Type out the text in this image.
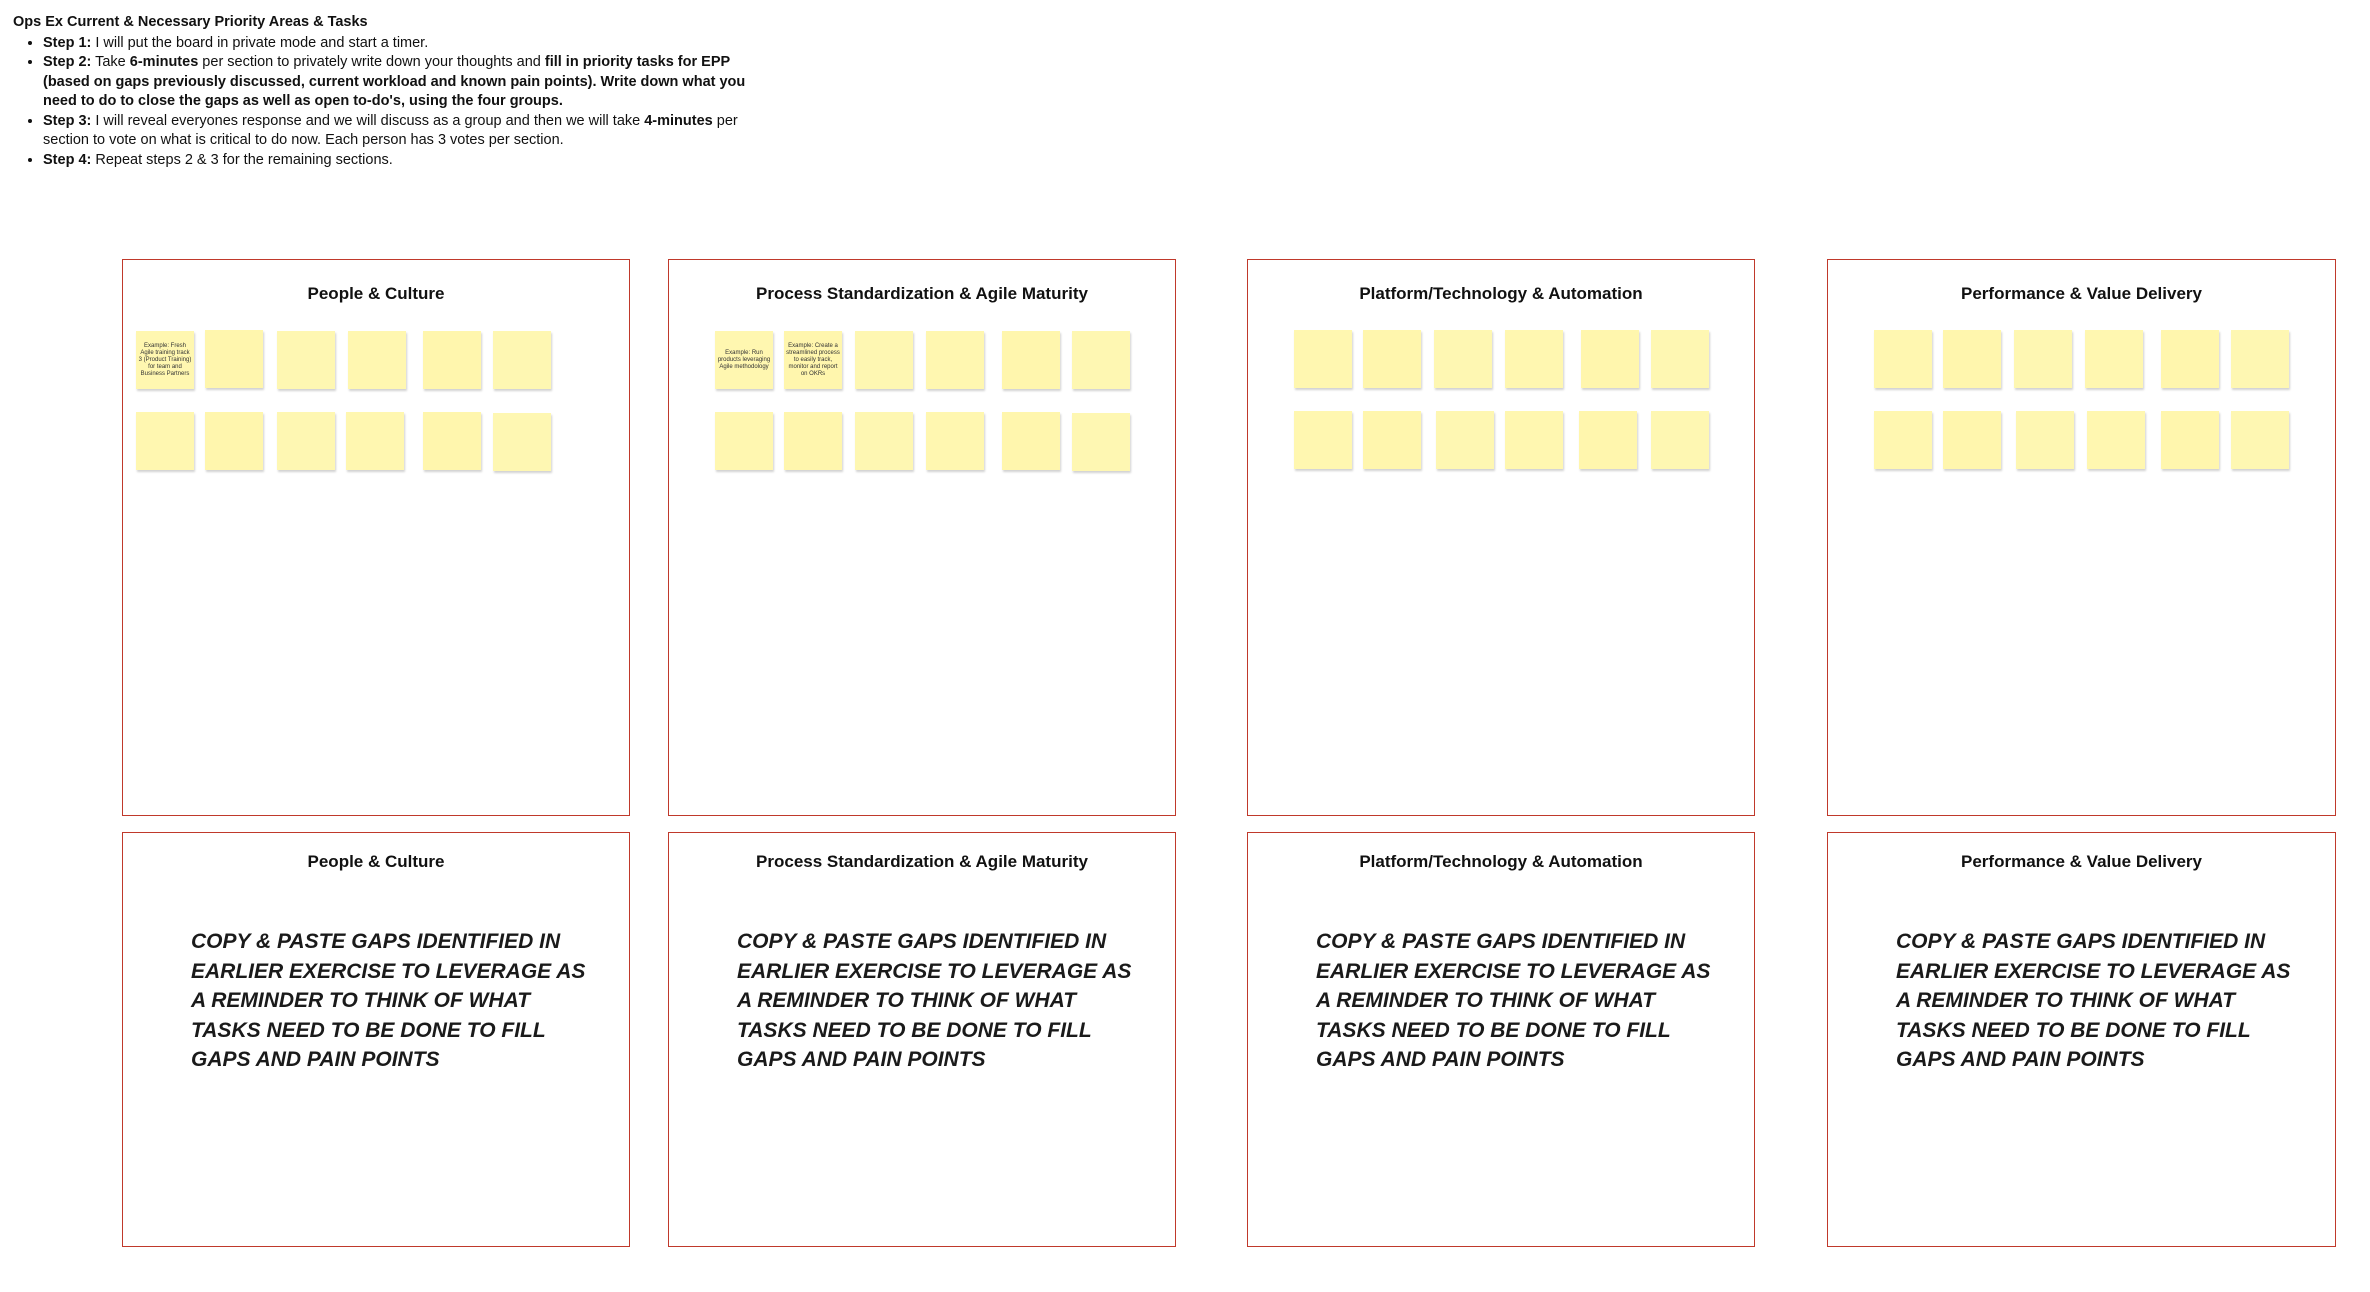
Ops Ex Current & Necessary Priority Areas & Tasks
• Step 1: I will put the board in private mode and start a timer.
• Step 2: Take 6-minutes per section to privately write down your thoughts and fill in priority tasks for EPP (based on gaps previously discussed, current workload and known pain points). Write down what you need to do to close the gaps as well as open to-do's, using the four groups.
• Step 3: I will reveal everyones response and we will discuss as a group and then we will take 4-minutes per section to vote on what is critical to do now. Each person has 3 votes per section.
• Step 4: Repeat steps 2 & 3 for the remaining sections.
People & Culture
Example: Fresh Agile training track 3 (Product Training) for team and Business Partners
Process Standardization & Agile Maturity
Example: Run products leveraging Agile methodology
Example: Create a streamlined process to easily track, monitor and report on OKRs
Platform/Technology & Automation	Performance & Value Delivery
People & Culture
COPY & PASTE GAPS IDENTIFIED IN EARLIER EXERCISE TO LEVERAGE AS A REMINDER TO THINK OF WHAT TASKS NEED TO BE DONE TO FILL GAPS AND PAIN POINTS
Process Standardization & Agile Maturity
COPY & PASTE GAPS IDENTIFIED IN EARLIER EXERCISE TO LEVERAGE AS A REMINDER TO THINK OF WHAT TASKS NEED TO BE DONE TO FILL GAPS AND PAIN POINTS
Platform/Technology & Automation
COPY & PASTE GAPS IDENTIFIED IN EARLIER EXERCISE TO LEVERAGE AS A REMINDER TO THINK OF WHAT TASKS NEED TO BE DONE TO FILL GAPS AND PAIN POINTS
Performance & Value Delivery
COPY & PASTE GAPS IDENTIFIED IN EARLIER EXERCISE TO LEVERAGE AS A REMINDER TO THINK OF WHAT TASKS NEED TO BE DONE TO FILL GAPS AND PAIN POINTS
